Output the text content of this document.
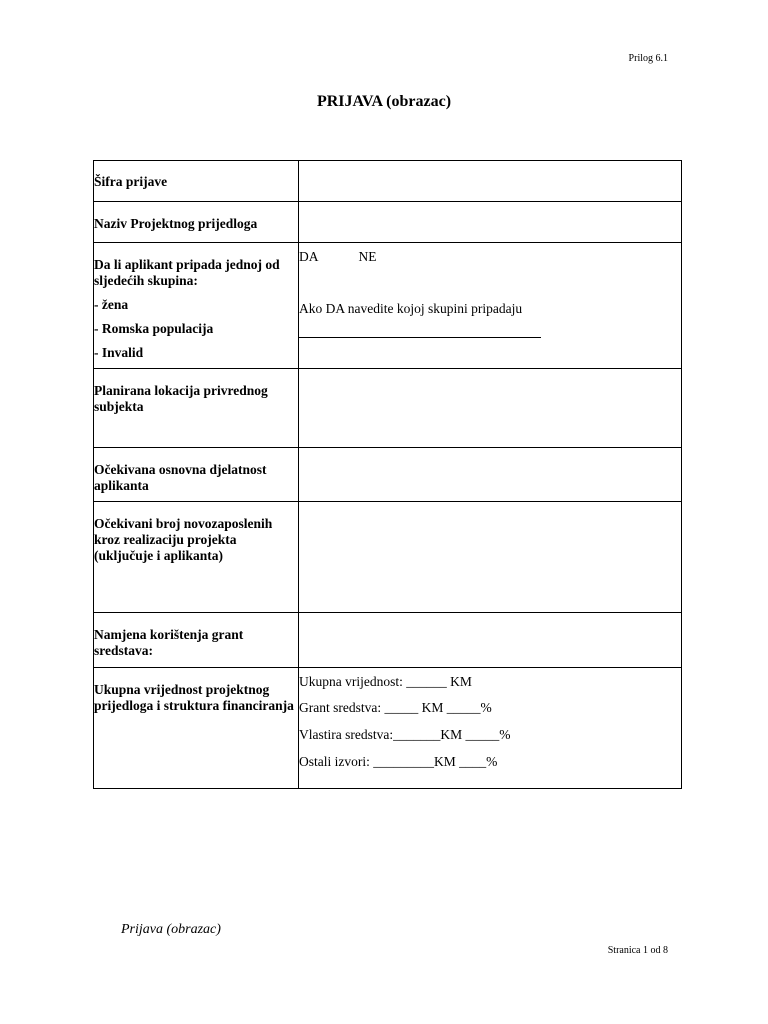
Prilog 6.1
PRIJAVA (obrazac)
Šifra prijave	

Naziv Projektnog prijedloga	

Da li aplikant pripada jednoj od sljedećih skupina:
- žena
- Romska populacija
- Invalid	DA NE
Ako DA navedite kojoj skupini pripadaju

Planirana lokacija privrednog subjekta	

Očekivana osnovna djelatnost aplikanta	

Očekivani broj novozaposlenih kroz realizaciju projekta (uključuje i aplikanta)	

Namjena korištenja grant sredstava:	

Ukupna vrijednost projektnog prijedloga i struktura financiranja	Ukupna vrijednost: ______ KM
Grant sredstva: _____ KM _____%
Vlastira sredstva:_______KM _____%
Ostali izvori: _________KM ____%
Prijava (obrazac)
Stranica 1 od 8
